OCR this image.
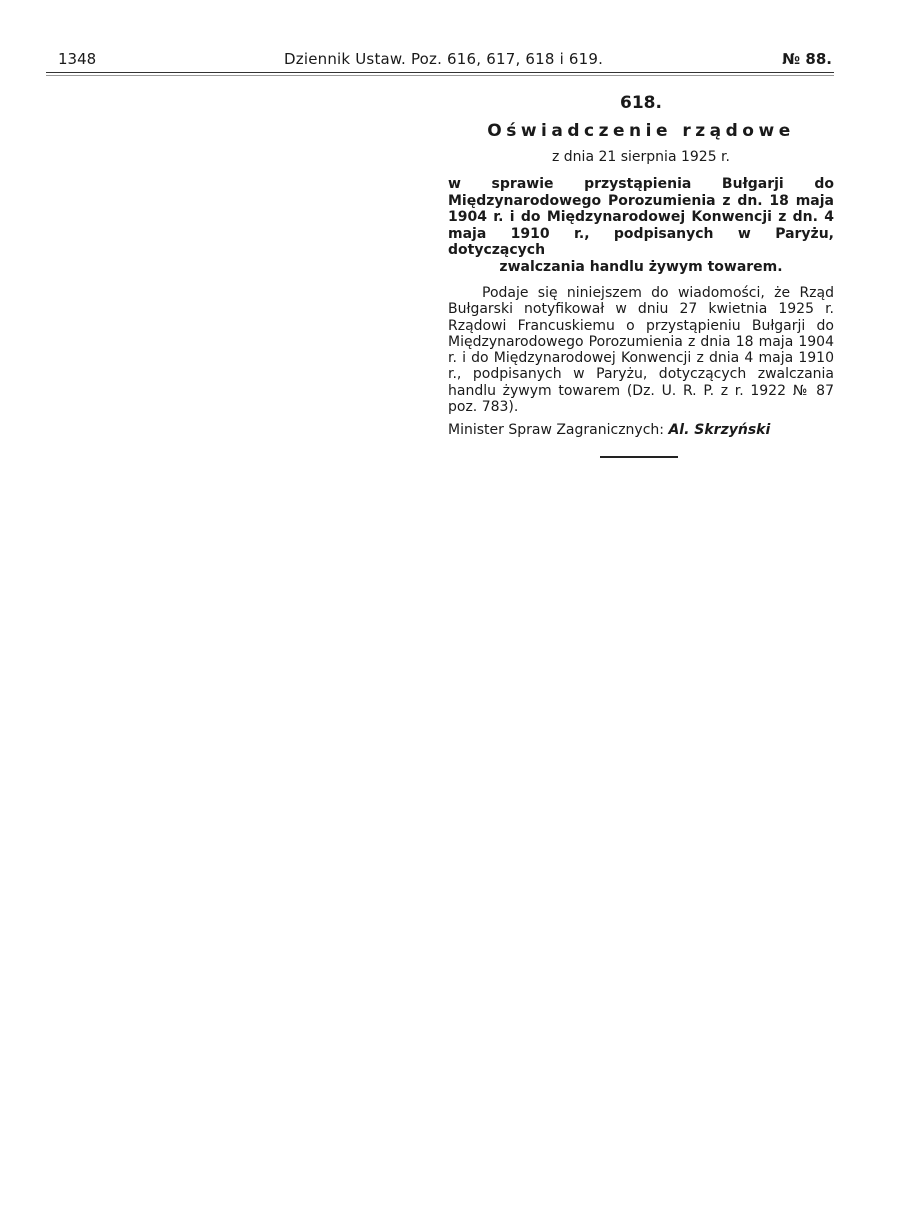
1348	Dziennik Ustaw. Poz. 616, 617, 618 i 619.	№ 88.
618.
Oświadczenie rządowe
z dnia 21 sierpnia 1925 r.
w sprawie przystąpienia Bułgarji do Międzynarodowego Porozumienia z dn. 18 maja 1904 r. i do Międzynarodowej Konwencji z dn. 4 maja 1910 r., podpisanych w Paryżu, dotyczących
zwalczania handlu żywym towarem.

Podaje się niniejszem do wiadomości, że Rząd Bułgarski notyfikował w dniu 27 kwietnia 1925 r. Rządowi Francuskiemu o przystąpieniu Bułgarji do Międzynarodowego Porozumienia z dnia 18 maja 1904 r. i do Międzynarodowej Konwencji z dnia 4 maja 1910 r., podpisanych w Paryżu, dotyczących zwalczania handlu żywym towarem (Dz. U. R. P. z r. 1922 № 87 poz. 783).

Minister Spraw Zagranicznych: Al. Skrzyński
